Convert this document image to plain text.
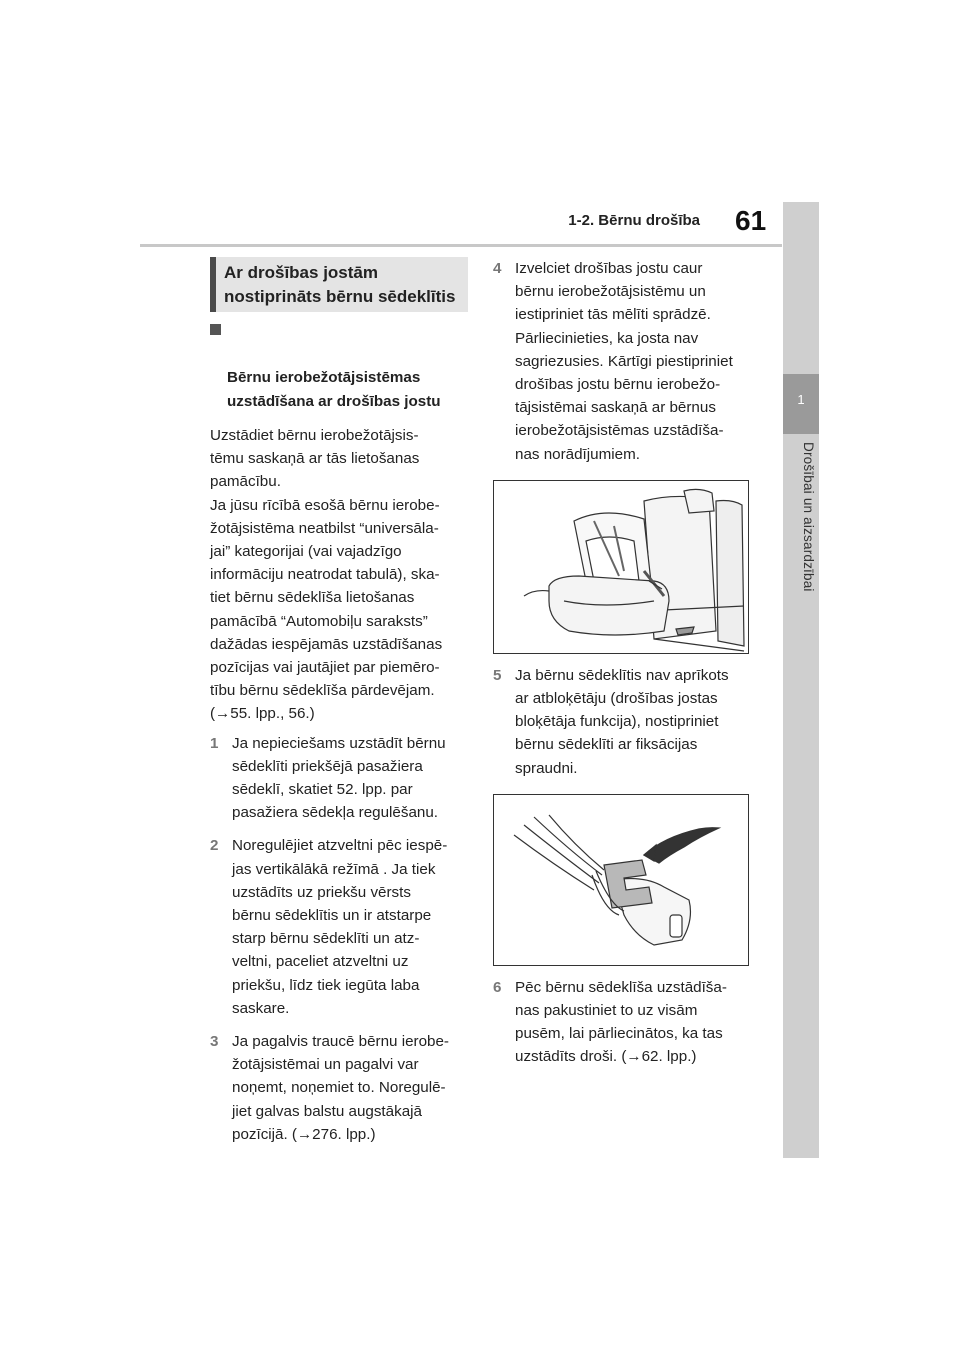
1-2. Bērnu drošība 61
1
Drošībai un aizsardzībai
Ar drošības jostām
nostiprināts bērnu sēdeklītis

Bērnu ierobežotājsistēmas
uzstādīšana ar drošības jostu

Uzstādiet bērnu ierobežotājsis-
tēmu saskaņā ar tās lietošanas
pamācību.
Ja jūsu rīcībā esošā bērnu ierobe-
žotājsistēma neatbilst “universāla-
jai” kategorijai (vai vajadzīgo
informāciju neatrodat tabulā), ska-
tiet bērnu sēdeklīša lietošanas
pamācībā “Automobiļu saraksts”
dažādas iespējamās uzstādīšanas
pozīcijas vai jautājiet par piemēro-
tību bērnu sēdeklīša pārdevējam.
(→55. lpp., 56.)
1 Ja nepieciešams uzstādīt bērnu
sēdeklīti priekšējā pasažiera
sēdeklī, skatiet 52. lpp. par
pasažiera sēdekļa regulēšanu.
2 Noregulējiet atzveltni pēc iespē-
jas vertikālākā režīmā . Ja tiek
uzstādīts uz priekšu vērsts
bērnu sēdeklītis un ir atstarpe
starp bērnu sēdeklīti un atz-
veltni, paceliet atzveltni uz
priekšu, līdz tiek iegūta laba
saskare.
3 Ja pagalvis traucē bērnu ierobe-
žotājsistēmai un pagalvi var
noņemt, noņemiet to. Noregulē-
jiet galvas balstu augstākajā
pozīcijā. (→276. lpp.)
4 Izvelciet drošības jostu caur
bērnu ierobežotājsistēmu un
iestipriniet tās mēlīti sprādzē.
Pārliecinieties, ka josta nav
sagriezusies. Kārtīgi piestipriniet
drošības jostu bērnu ierobežo-
tājsistēmai saskaņā ar bērnus
ierobežotājsistēmas uzstādīša-
nas norādījumiem.
5 Ja bērnu sēdeklītis nav aprīkots
ar atbloķētāju (drošības jostas
bloķētāja funkcija), nostipriniet
bērnu sēdeklīti ar fiksācijas
spraudni.
6 Pēc bērnu sēdeklīša uzstādīša-
nas pakustiniet to uz visām
pusēm, lai pārliecinātos, ka tas
uzstādīts droši. (→62. lpp.)
